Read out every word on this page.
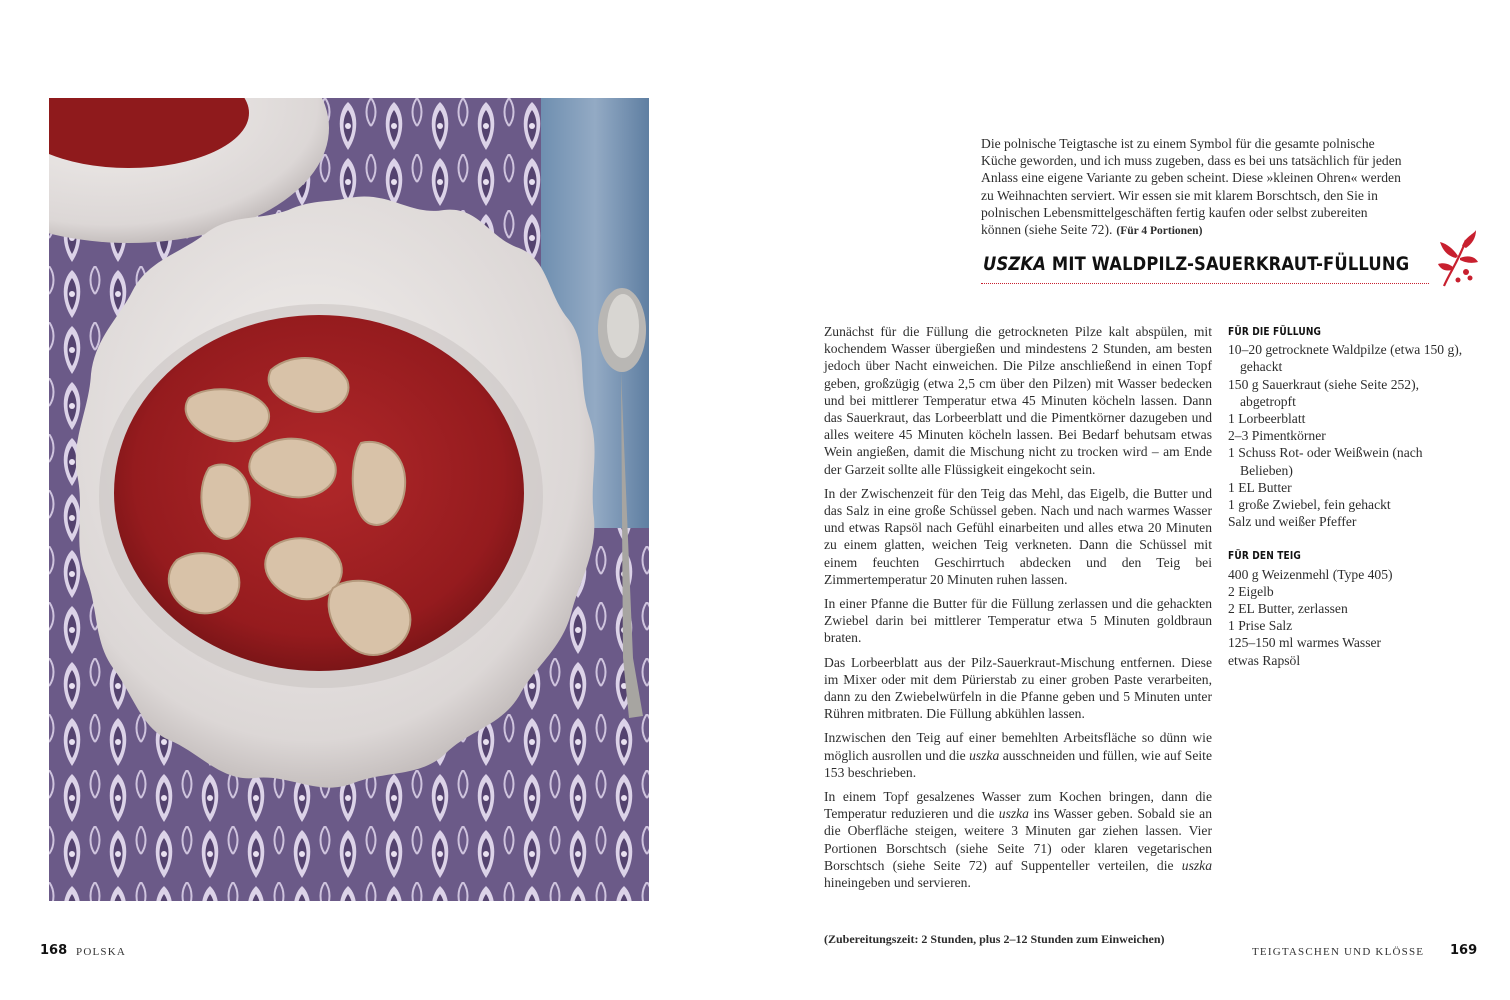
Die polnische Teigtasche ist zu einem Symbol für die gesamte polnische Küche geworden, und ich muss zugeben, dass es bei uns tatsächlich für jeden Anlass eine eigene Variante zu geben scheint. Diese »kleinen Ohren« werden zu Weihnachten serviert. Wir essen sie mit klarem Borschtsch, den Sie in polnischen Lebensmittelgeschäften fertig kaufen oder selbst zubereiten können (siehe Seite 72). (Für 4 Portionen)
USZKA MIT WALDPILZ-SAUERKRAUT-FÜLLUNG

Zunächst für die Füllung die getrockneten Pilze kalt abspülen, mit kochendem Wasser übergießen und mindestens 2 Stunden, am besten jedoch über Nacht einweichen. Die Pilze anschließend in einen Topf geben, großzügig (etwa 2,5 cm über den Pilzen) mit Wasser bedecken und bei mittlerer Temperatur etwa 45 Minuten köcheln lassen. Dann das Sauerkraut, das Lorbeerblatt und die Pimentkörner dazugeben und alles weitere 45 Minuten köcheln lassen. Bei Bedarf behutsam etwas Wein angießen, damit die Mischung nicht zu trocken wird – am Ende der Garzeit sollte alle Flüssigkeit eingekocht sein.

In der Zwischenzeit für den Teig das Mehl, das Eigelb, die Butter und das Salz in eine große Schüssel geben. Nach und nach warmes Wasser und etwas Rapsöl nach Gefühl einarbeiten und alles etwa 20 Minuten zu einem glatten, weichen Teig verkneten. Dann die Schüssel mit einem feuchten Geschirrtuch abdecken und den Teig bei Zimmertemperatur 20 Minuten ruhen lassen.

In einer Pfanne die Butter für die Füllung zerlassen und die gehackten Zwiebel darin bei mittlerer Temperatur etwa 5 Minuten goldbraun braten.

Das Lorbeerblatt aus der Pilz-Sauerkraut-Mischung entfernen. Diese im Mixer oder mit dem Pürierstab zu einer groben Paste verarbeiten, dann zu den Zwiebelwürfeln in die Pfanne geben und 5 Minuten unter Rühren mitbraten. Die Füllung abkühlen lassen.

Inzwischen den Teig auf einer bemehlten Arbeitsfläche so dünn wie möglich ausrollen und die uszka ausschneiden und füllen, wie auf Seite 153 beschrieben.

In einem Topf gesalzenes Wasser zum Kochen bringen, dann die Temperatur reduzieren und die uszka ins Wasser geben. Sobald sie an die Oberfläche steigen, weitere 3 Minuten gar ziehen lassen. Vier Portionen Borschtsch (siehe Seite 71) oder klaren vegetarischen Borschtsch (siehe Seite 72) auf Suppenteller verteilen, die uszka hineingeben und servieren.

FÜR DIE FÜLLUNG
10–20 getrocknete Waldpilze (etwa 150 g), gehackt
150 g Sauerkraut (siehe Seite 252), abgetropft
1 Lorbeerblatt
2–3 Pimentkörner
1 Schuss Rot- oder Weißwein (nach Belieben)
1 EL Butter
1 große Zwiebel, fein gehackt
Salz und weißer Pfeffer
FÜR DEN TEIG
400 g Weizenmehl (Type 405)
2 Eigelb
2 EL Butter, zerlassen
1 Prise Salz
125–150 ml warmes Wasser
etwas Rapsöl
(Zubereitungszeit: 2 Stunden, plus 2–12 Stunden zum Einweichen)
168 POLSKA	TEIGTASCHEN UND KLÖSSE 169
